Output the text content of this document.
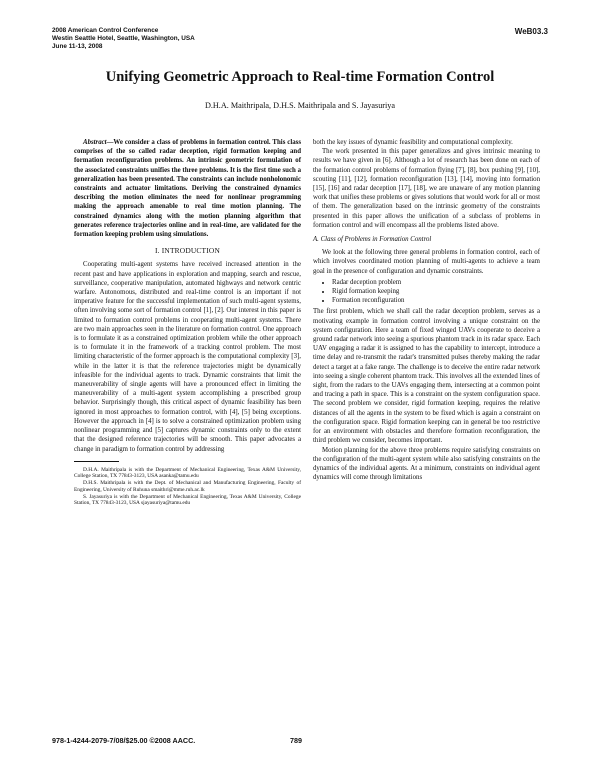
2008 American Control Conference
Westin Seattle Hotel, Seattle, Washington, USA
June 11-13, 2008
WeB03.3
Unifying Geometric Approach to Real-time Formation Control
D.H.A. Maithripala, D.H.S. Maithripala and S. Jayasuriya

Abstract—We consider a class of problems in formation control. This class comprises of the so called radar deception, rigid formation keeping and formation reconfiguration problems. An intrinsic geometric formulation of the associated constraints unifies the three problems. It is the first time such a generalization has been presented. The constraints can include nonholonomic constraints and actuator limitations. Deriving the constrained dynamics describing the motion eliminates the need for nonlinear programming making the approach amenable to real time motion planning. The constrained dynamics along with the motion planning algorithm that generates reference trajectories online and in real-time, are validated for the formation keeping problem using simulations.

I. INTRODUCTION

Cooperating multi-agent systems have received increased attention in the recent past and have applications in exploration and mapping, search and rescue, surveillance, cooperative manipulation, automated highways and network centric warfare. Autonomous, distributed and real-time control is an important if not imperative feature for the successful implementation of such multi-agent systems, often involving some sort of formation control [1], [2]. Our interest in this paper is limited to formation control problems in cooperating multi-agent systems. There are two main approaches seen in the literature on formation control. One approach is to formulate it as a constrained optimization problem while the other approach is to formulate it in the framework of a tracking control problem. The most limiting characteristic of the former approach is the computational complexity [3], while in the latter it is that the reference trajectories might be dynamically infeasible for the individual agents to track. Dynamic constraints that limit the maneuverability of single agents will have a pronounced effect in limiting the maneuverability of a multi-agent system accomplishing a prescribed group behavior. Surprisingly though, this critical aspect of dynamic feasibility has been ignored in most approaches to formation control, with [4], [5] being exceptions. However the approach in [4] is to solve a constrained optimization problem using nonlinear programming and [5] captures dynamic constraints only to the extent that the designed reference trajectories will be smooth. This paper advocates a change in paradigm to formation control by addressing

D.H.A. Maithripala is with the Department of Mechanical Engineering, Texas A&M University, College Station, TX 77843-3123, USA asanka@tamu.edu

D.H.S. Maithripala is with the Dept. of Mechanical and Manufacturing Engineering, Faculty of Engineering, University of Ruhuna smaithri@mme.ruh.ac.lk

S. Jayasuriya is with the Department of Mechanical Engineering, Texas A&M University, College Station, TX 77843-3123, USA sjayasuriya@tamu.edu

both the key issues of dynamic feasibility and computational complexity.

The work presented in this paper generalizes and gives intrinsic meaning to results we have given in [6]. Although a lot of research has been done on each of the formation control problems of formation flying [7], [8], box pushing [9], [10], scouting [11], [12], formation reconfiguration [13], [14], moving into formation [15], [16] and radar deception [17], [18], we are unaware of any motion planning work that unifies these problems or gives solutions that would work for all or most of them. The generalization based on the intrinsic geometry of the constraints presented in this paper allows the unification of a subclass of problems in formation control and will encompass all the problems listed above.

A. Class of Problems in Formation Control

We look at the following three general problems in formation control, each of which involves coordinated motion planning of multi-agents to achieve a team goal in the presence of configuration and dynamic constraints.

• Radar deception problem
• Rigid formation keeping
• Formation reconfiguration

The first problem, which we shall call the radar deception problem, serves as a motivating example in formation control involving a unique constraint on the system configuration. Here a team of fixed winged UAVs cooperate to deceive a ground radar network into seeing a spurious phantom track in its radar space. Each UAV engaging a radar it is assigned to has the capability to intercept, introduce a time delay and re-transmit the radar's transmitted pulses thereby making the radar detect a target at a fake range. The challenge is to deceive the entire radar network into seeing a single coherent phantom track. This involves all the extended lines of sight, from the radars to the UAVs engaging them, intersecting at a common point and tracing a path in space. This is a constraint on the system configuration space. The second problem we consider, rigid formation keeping, requires the relative distances of all the agents in the system to be fixed which is again a constraint on the configuration space. Rigid formation keeping can in general be too restrictive for an environment with obstacles and therefore formation reconfiguration, the third problem we consider, becomes important.

Motion planning for the above three problems require satisfying constraints on the configuration of the multi-agent system while also satisfying constraints on the dynamics of the individual agents. At a minimum, constraints on individual agent dynamics will come through limitations

978-1-4244-2079-7/08/$25.00 ©2008 AACC.	789
